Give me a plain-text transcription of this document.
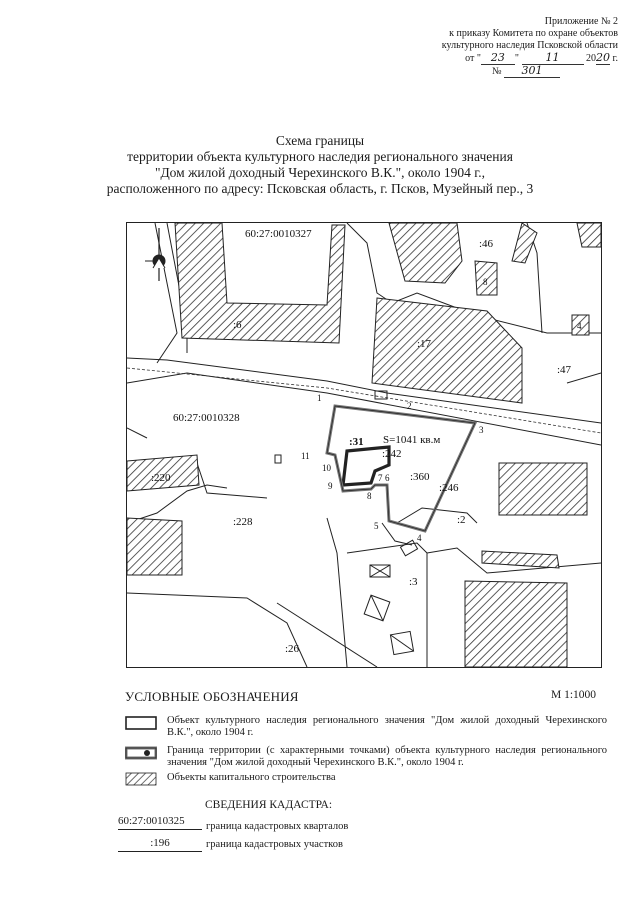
Приложение № 2
к приказу Комитета по охране объектов
культурного наследия Псковской области
от " 23 " 11	2020 г.
№ 301
Схема границы
территории объекта культурного наследия регионального значения
"Дом жилой доходный Черехинского В.К.", около 1904 г.,
расположенного по адресу: Псковская область, г. Псков, Музейный пер., 3
60:27:0010327
:46
:6
:17
:47
60:27:0010328
:31 S=1041 кв.м
:242
:360
:246
:220
:228	:2
:3
:26
8
4
1
2
3
4
5
6
7
8
9
10
11
УСЛОВНЫЕ ОБОЗНАЧЕНИЯ	М 1:1000
Объект культурного наследия регионального значения "Дом жилой доходный Черехинского В.К.", около 1904 г.
Граница территории (с характерными точками) объекта культурного наследия регионального значения "Дом жилой доходный Черехинского В.К.", около 1904 г.
Объекты капитального строительства
СВЕДЕНИЯ КАДАСТРА:
60:27:0010325	граница кадастровых кварталов
:196	граница кадастровых участков
